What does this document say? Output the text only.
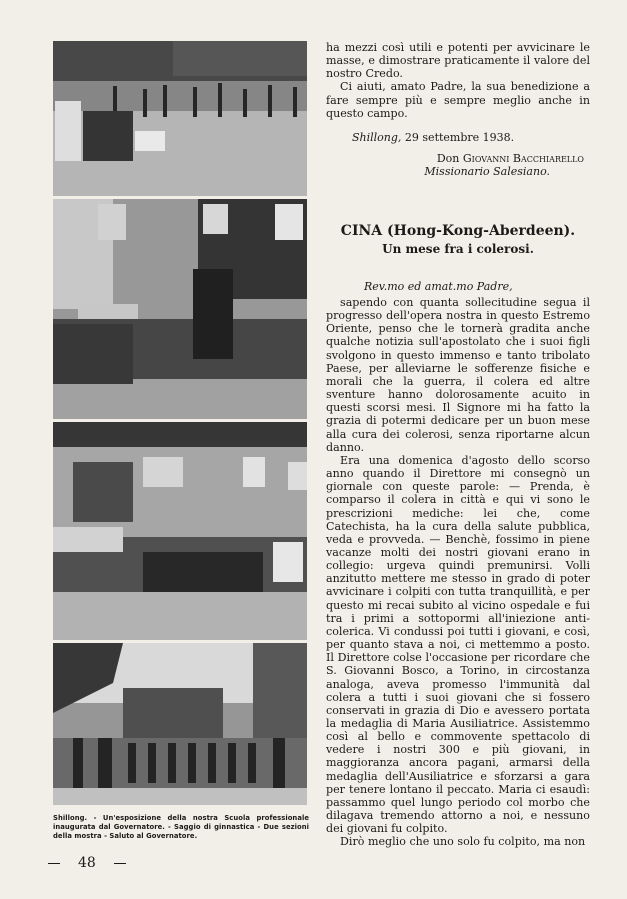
Shillong. - Un'esposizione della nostra Scuola professionale inaugurata dal Governatore. - Saggio di ginnastica - Due sezioni della mostra - Saluto al Governatore.
48

ha mezzi così utili e potenti per avvicinare le masse, e dimostrare praticamente il valore del nostro Credo.

Ci aiuti, amato Padre, la sua benedizione a fare sempre più e sempre meglio anche in questo campo.

Shillong, 29 settembre 1938.
Don Giovanni Bacchiarello
Missionario Salesiano.
CINA (Hong-Kong-Aberdeen).
Un mese fra i colerosi.
Rev.mo ed amat.mo Padre,

sapendo con quanta sollecitudine segua il progresso dell'opera nostra in questo Estremo Oriente, penso che le tornerà gradita anche qualche notizia sull'apostolato che i suoi figli svolgono in questo immenso e tanto tribolato Paese, per alleviarne le sofferenze fisiche e morali che la guerra, il colera ed altre sventure hanno dolorosamente acuito in questi scorsi mesi. Il Signore mi ha fatto la grazia di potermi dedicare per un buon mese alla cura dei colerosi, senza riportarne alcun danno.

Era una domenica d'agosto dello scorso anno quando il Direttore mi consegnò un giornale con queste parole: — Prenda, è comparso il colera in città e qui vi sono le prescrizioni mediche: lei che, come Catechista, ha la cura della salute pubblica, veda e provveda. — Benchè, fossimo in piene vacanze molti dei nostri giovani erano in collegio: urgeva quindi premunirsi. Volli anzitutto mettere me stesso in grado di poter avvicinare i colpiti con tutta tranquillità, e per questo mi recai subito al vicino ospedale e fui tra i primi a sottopormi all'iniezione anti-colerica. Vi condussi poi tutti i giovani, e così, per quanto stava a noi, ci mettemmo a posto. Il Direttore colse l'occasione per ricordare che S. Giovanni Bosco, a Torino, in circostanza analoga, aveva promesso l'immunità dal colera a tutti i suoi giovani che si fossero conservati in grazia di Dio e avessero portata la medaglia di Maria Ausiliatrice. Assistemmo così al bello e commovente spettacolo di vedere i nostri 300 e più giovani, in maggioranza ancora pagani, armarsi della medaglia dell'Ausiliatrice e sforzarsi a gara per tenere lontano il peccato. Maria ci esaudì: passammo quel lungo periodo col morbo che dilagava tremendo attorno a noi, e nessuno dei giovani fu colpito.

Dirò meglio che uno solo fu colpito, ma non
